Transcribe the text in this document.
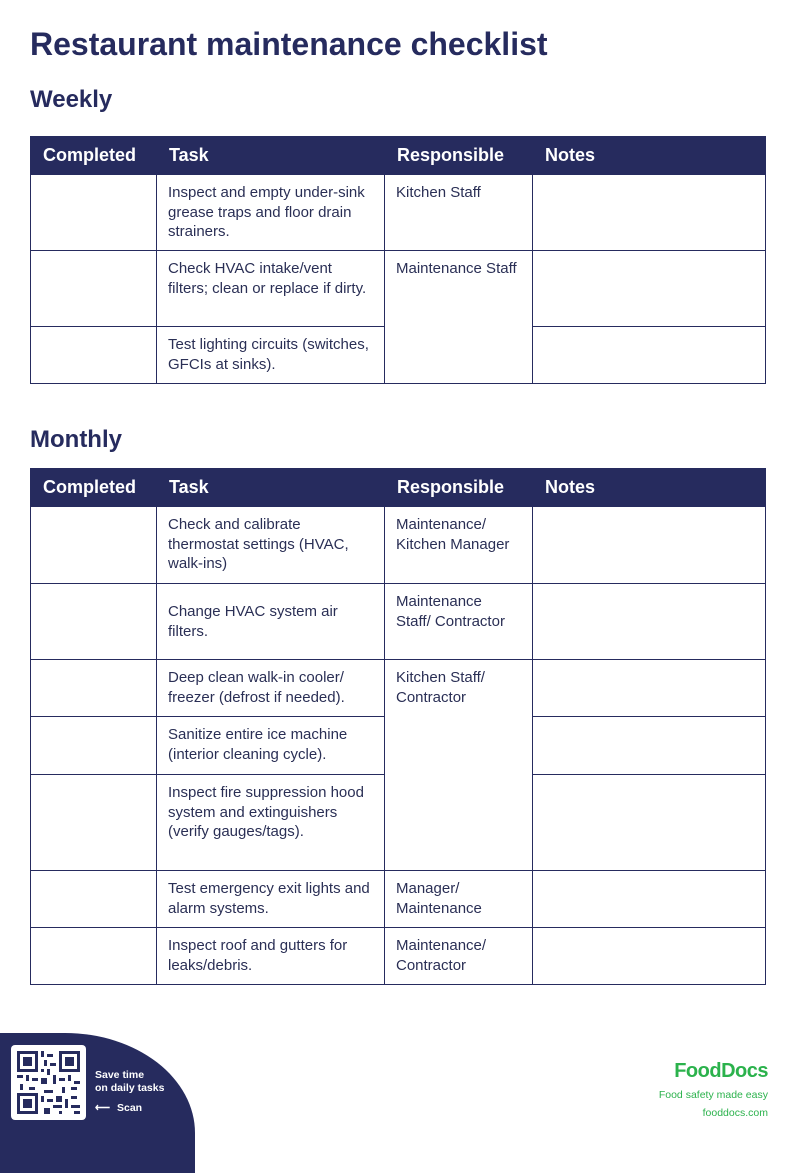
Restaurant maintenance checklist
Weekly
Completed	Task	Responsible	Notes
	Inspect and empty under-sink grease traps and floor drain strainers.	Kitchen Staff	
	Check HVAC intake/vent filters; clean or replace if dirty.	Maintenance Staff	
	Test lighting circuits (switches, GFCIs at sinks).		
Monthly
Completed	Task	Responsible	Notes
	Check and calibrate thermostat settings (HVAC, walk-ins)	Maintenance/ Kitchen Manager	
	Change HVAC system air filters.	Maintenance Staff/ Contractor	
	Deep clean walk-in cooler/ freezer (defrost if needed).	Kitchen Staff/ Contractor	
	Sanitize entire ice machine (interior cleaning cycle).		
	Inspect fire suppression hood system and extinguishers (verify gauges/tags).		
	Test emergency exit lights and alarm systems.	Manager/ Maintenance	
	Inspect roof and gutters for leaks/debris.	Maintenance/ Contractor	
Save time
on daily tasks
⟵ Scan
FoodDocs
Food safety made easy
fooddocs.com
